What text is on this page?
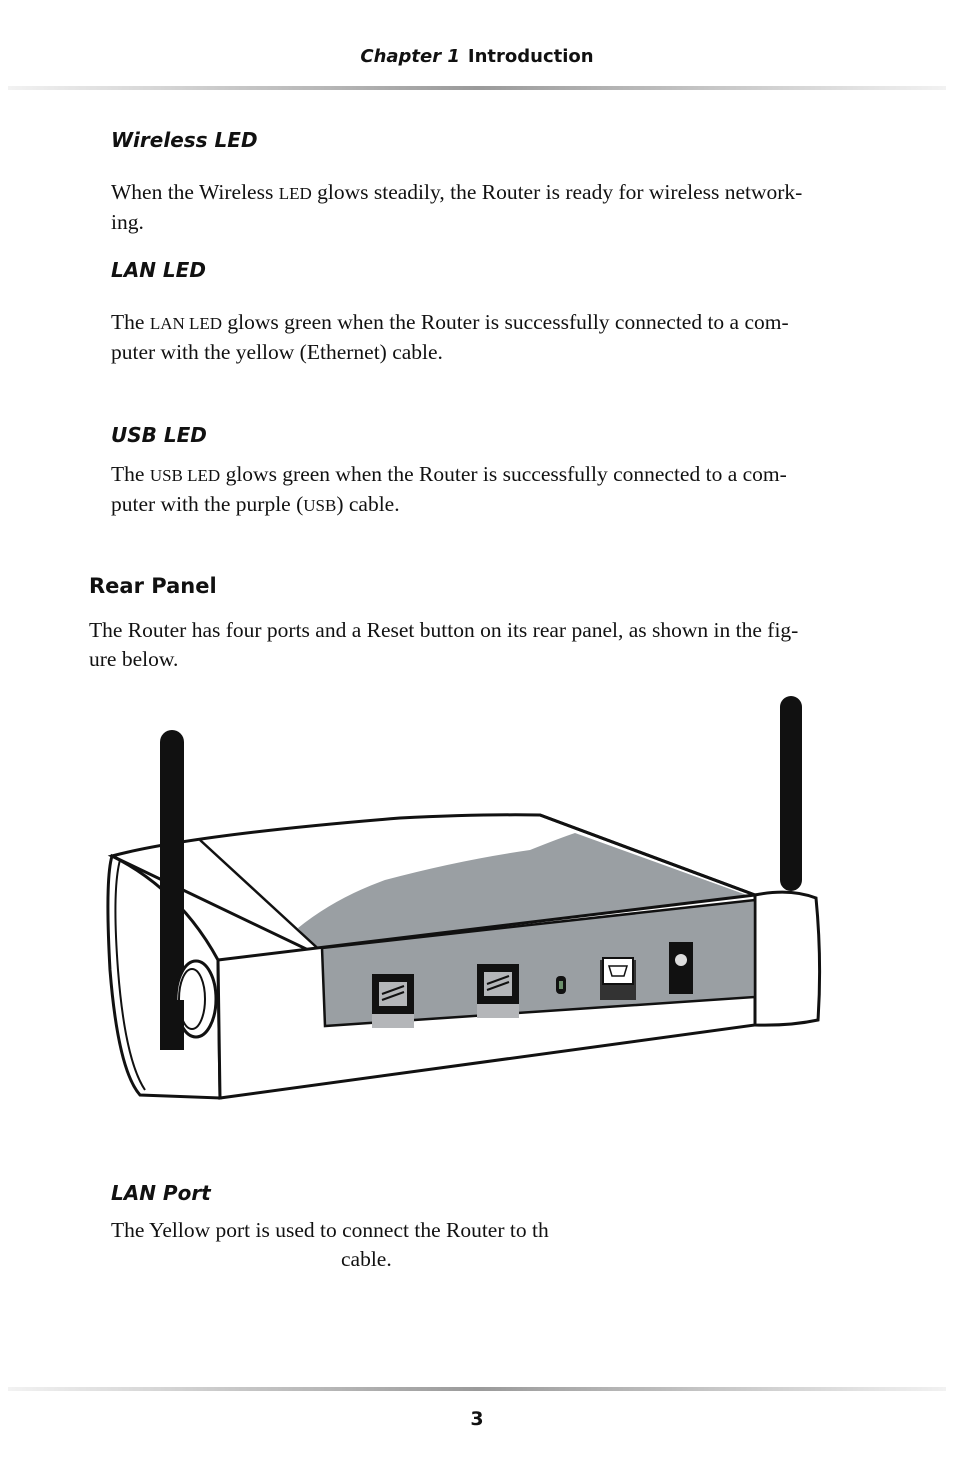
Chapter 1 Introduction
Wireless LED
When the Wireless LED glows steadily, the Router is ready for wireless network-
ing.
LAN LED
The LAN LED glows green when the Router is successfully connected to a com-
puter with the yellow (Ethernet) cable.
USB LED
The USB LED glows green when the Router is successfully connected to a com-
puter with the purple (USB) cable.
Rear Panel
The Router has four ports and a Reset button on its rear panel, as shown in the fig-
ure below.
LAN Port
The Yellow port is used to connect the Router to th
cable.
3
